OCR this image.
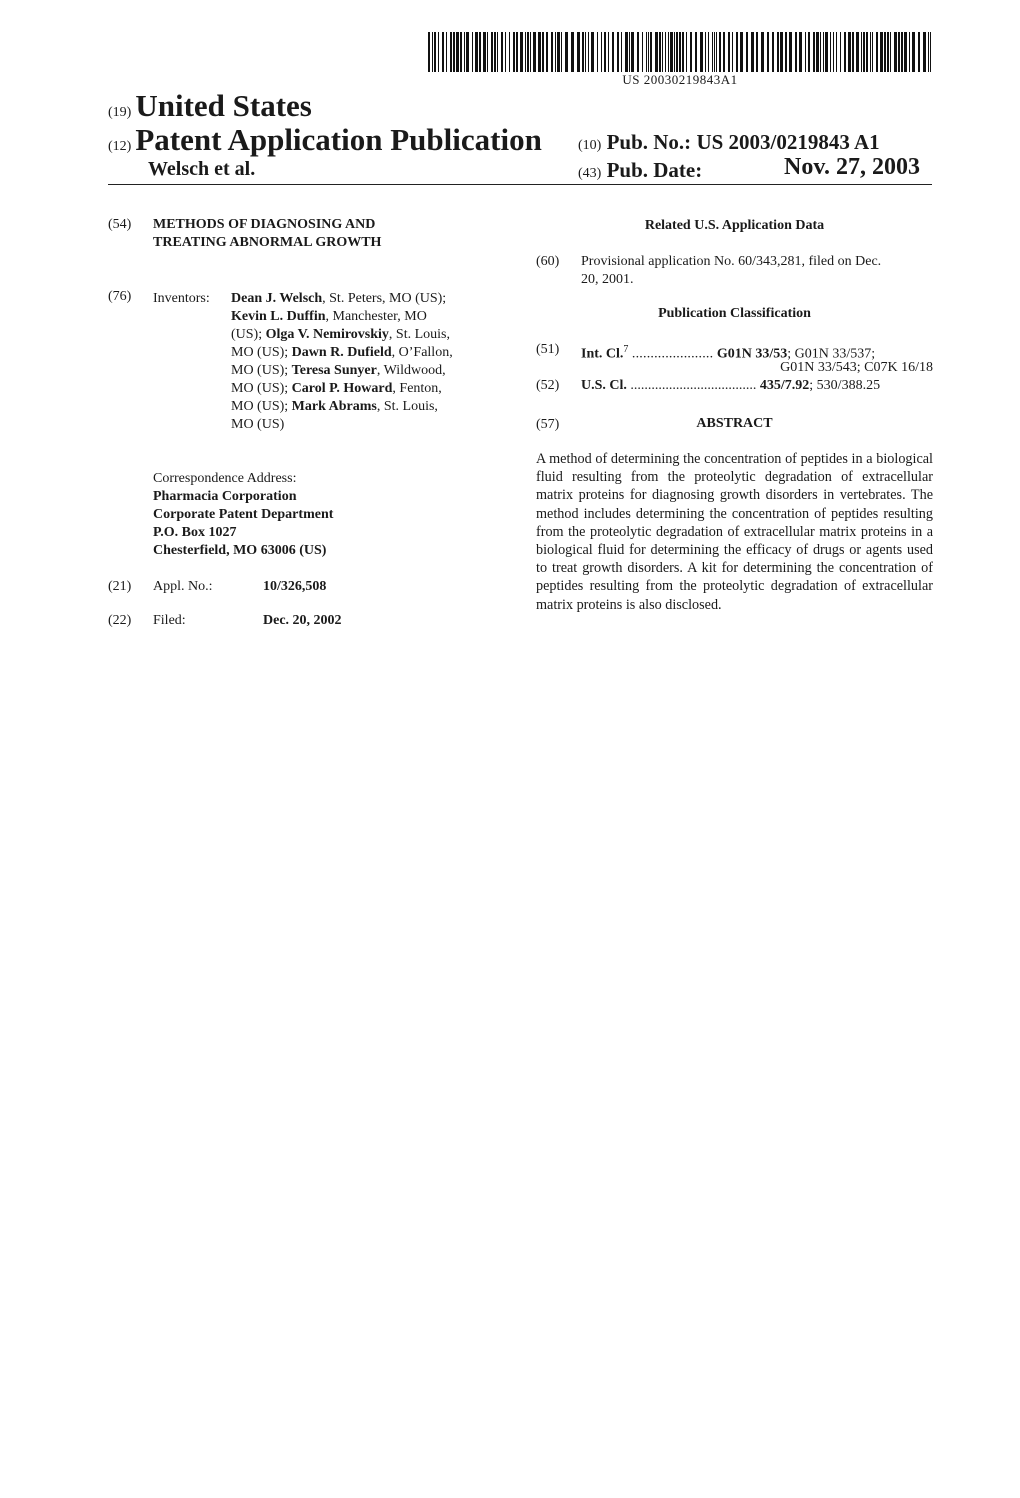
US 20030219843A1
(19) United States
(12) Patent Application Publication
Welsch et al.
(10) Pub. No.: US 2003/0219843 A1
(43) Pub. Date:	Nov. 27, 2003
(54) METHODS OF DIAGNOSING AND
TREATING ABNORMAL GROWTH
(76) Inventors: Dean J. Welsch, St. Peters, MO (US);
Kevin L. Duffin, Manchester, MO
(US); Olga V. Nemirovskiy, St. Louis,
MO (US); Dawn R. Dufield, O’Fallon,
MO (US); Teresa Sunyer, Wildwood,
MO (US); Carol P. Howard, Fenton,
MO (US); Mark Abrams, St. Louis,
MO (US)
Correspondence Address:
Pharmacia Corporation
Corporate Patent Department
P.O. Box 1027
Chesterfield, MO 63006 (US)
(21) Appl. No.:	10/326,508
(22) Filed:	Dec. 20, 2002
Related U.S. Application Data
(60) Provisional application No. 60/343,281, filed on Dec.
20, 2001.
Publication Classification
(51) Int. Cl.$^7$ ...................... G01N 33/53; G01N 33/537;
G01N 33/543; C07K 16/18
(52) U.S. Cl. .................................... 435/7.92; 530/388.25
(57)	ABSTRACT
A method of determining the concentration of peptides in a biological fluid resulting from the proteolytic degradation of extracellular matrix proteins for diagnosing growth disorders in vertebrates. The method includes determining the concentration of peptides resulting from the proteolytic degradation of extracellular matrix proteins in a biological fluid for determining the efficacy of drugs or agents used to treat growth disorders. A kit for determining the concentration of peptides resulting from the proteolytic degradation of extracellular matrix proteins is also disclosed.
